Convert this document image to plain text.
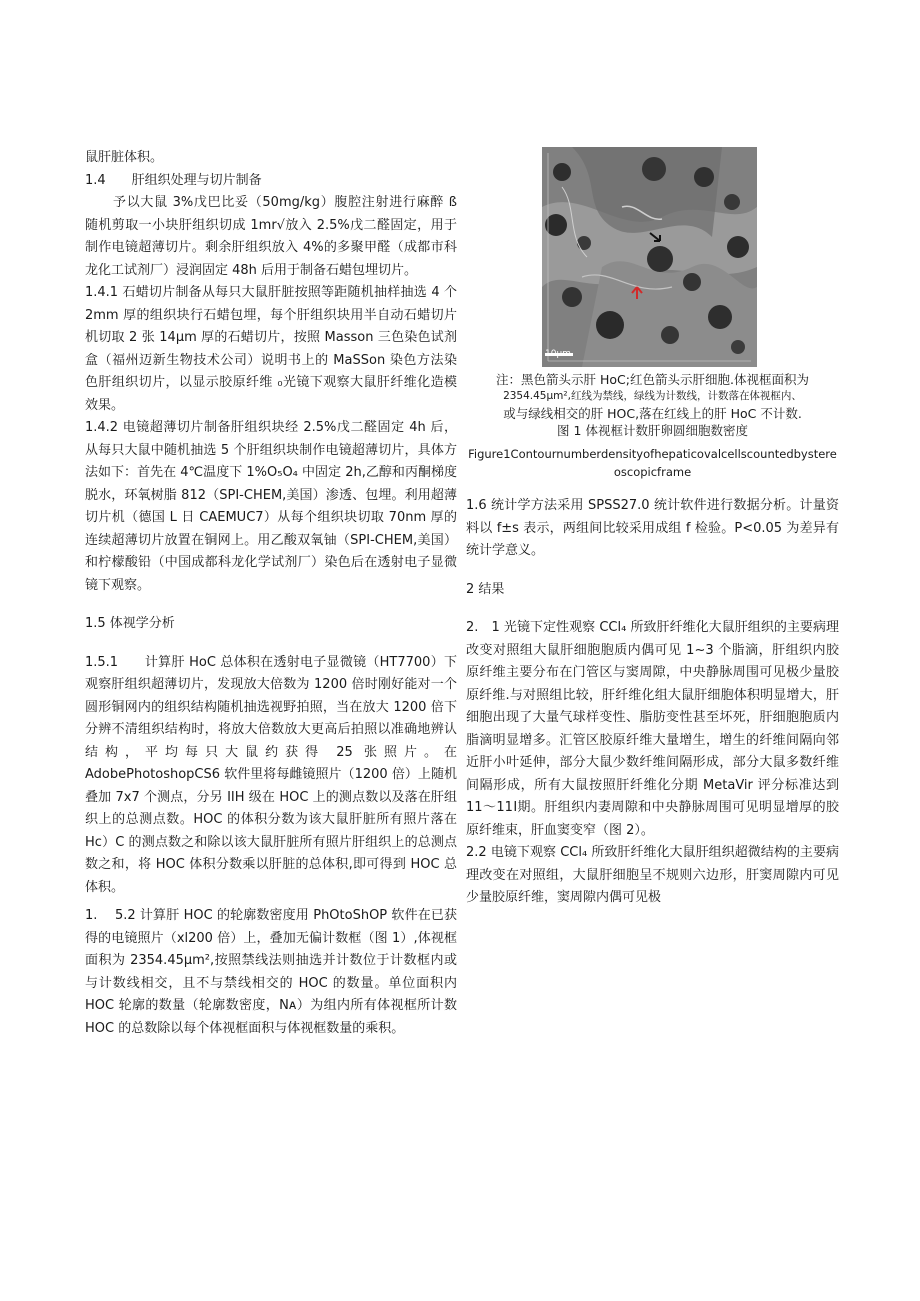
鼠肝脏体积。

1.4　　肝组织处理与切片制备

予以大鼠 3%戊巴比妥（50mg/kg）腹腔注射进行麻醉 ß 随机剪取一小块肝组织切成 1mr√放入 2.5%戊二醛固定，用于制作电镜超薄切片。剩余肝组织放入 4%的多聚甲醛（成都市科龙化工试剂厂）浸润固定 48h 后用于制备石蜡包埋切片。

1.4.1 石蜡切片制备从每只大鼠肝脏按照等距随机抽样抽选 4 个 2mm 厚的组织块行石蜡包埋，每个肝组织块用半自动石蜡切片机切取 2 张 14μm 厚的石蜡切片，按照 Masson 三色染色试剂盒（福州迈新生物技术公司）说明书上的 MaSSon 染色方法染色肝组织切片，以显示胶原纤维 ₀光镜下观察大鼠肝纤维化造模效果。

1.4.2 电镜超薄切片制备肝组织块经 2.5%戊二醛固定 4h 后，从每只大鼠中随机抽选 5 个肝组织块制作电镜超薄切片，具体方法如下：首先在 4℃温度下 1%O₅O₄ 中固定 2h,乙醇和丙酮梯度脱水，环氧树脂 812（SPI-CHEM,美国）渗透、包埋。利用超薄切片机（德国 L 日 CAEMUC7）从每个组织块切取 70nm 厚的连续超薄切片放置在铜网上。用乙酸双氧铀（SPI-CHEM,美国）和柠檬酸铅（中国成都科龙化学试剂厂）染色后在透射电子显微镜下观察。

1.5 体视学分析

1.5.1　　计算肝 HoC 总体积在透射电子显微镜（HT7700）下观察肝组织超薄切片，发现放大倍数为 1200 倍时刚好能对一个圆形铜网内的组织结构随机抽选视野拍照，当在放大 1200 倍下分辨不清组织结构时，将放大倍数放大更高后拍照以准确地辨认结构，平均每只大鼠约获得 25 张照片。在 AdobePhotoshopCS6 软件里将每雌镜照片（1200 倍）上随机叠加 7x7 个测点，分另 IIH 级在 HOC 上的测点数以及落在肝组织上的总测点数。HOC 的体积分数为该大鼠肝脏所有照片落在 Hc）C 的测点数之和除以该大鼠肝脏所有照片肝组织上的总测点数之和，将 HOC 体积分数乘以肝脏的总体积,即可得到 HOC 总体积。

1.　 5.2 计算肝 HOC 的轮廓数密度用 PhOtoShOP 软件在已获得的电镜照片（xl200 倍）上，叠加无偏计数框（图 1）,体视框面积为 2354.45μm²,按照禁线法则抽选并计数位于计数框内或与计数线相交，且不与禁线相交的 HOC 的数量。单位面积内 HOC 轮廓的数量（轮廓数密度，Nᴀ）为组内所有体视框所计数 HOC 的总数除以每个体视框面积与体视框数量的乘积。

10μm
注：黑色箭头示肝 HoC;红色箭头示肝细胞.体视框面积为
2354.45μm²,红线为禁线，绿线为计数线，计数落在体视框内、
或与绿线相交的肝 HOC,落在红线上的肝 HoC 不计数.
图 1 体视框计数肝卵圆细胞数密度
Figure1Contournumberdensityofhepaticovalcellscountedbystereoscopicframe

1.6 统计学方法采用 SPSS27.0 统计软件进行数据分析。计量资料以 f±s 表示，两组间比较采用成组 f 检验。P<0.05 为差异有统计学意义。

2 结果

2.　1 光镜下定性观察 CCl₄ 所致肝纤维化大鼠肝组织的主要病理改变对照组大鼠肝细胞胞质内偶可见 1~3 个脂滴，肝组织内胶原纤维主要分布在门管区与窦周隙，中央静脉周围可见极少量胶原纤维.与对照组比较，肝纤维化组大鼠肝细胞体积明显增大，肝细胞出现了大量气球样变性、脂肪变性甚至坏死，肝细胞胞质内脂滴明显增多。汇管区胶原纤维大量增生，增生的纤维间隔向邻近肝小叶延伸，部分大鼠少数纤维间隔形成，部分大鼠多数纤维间隔形成，所有大鼠按照肝纤维化分期 MetaVir 评分标准达到 11～11Ⅰ期。肝组织内妻周隙和中央静脉周围可见明显增厚的胶原纤维束，肝血窦变窄（图 2）。

2.2 电镜下观察 CCl₄ 所致肝纤维化大鼠肝组织超微结构的主要病理改变在对照组，大鼠肝细胞呈不规则六边形，肝窦周隙内可见少量胶原纤维，窦周隙内偶可见极
